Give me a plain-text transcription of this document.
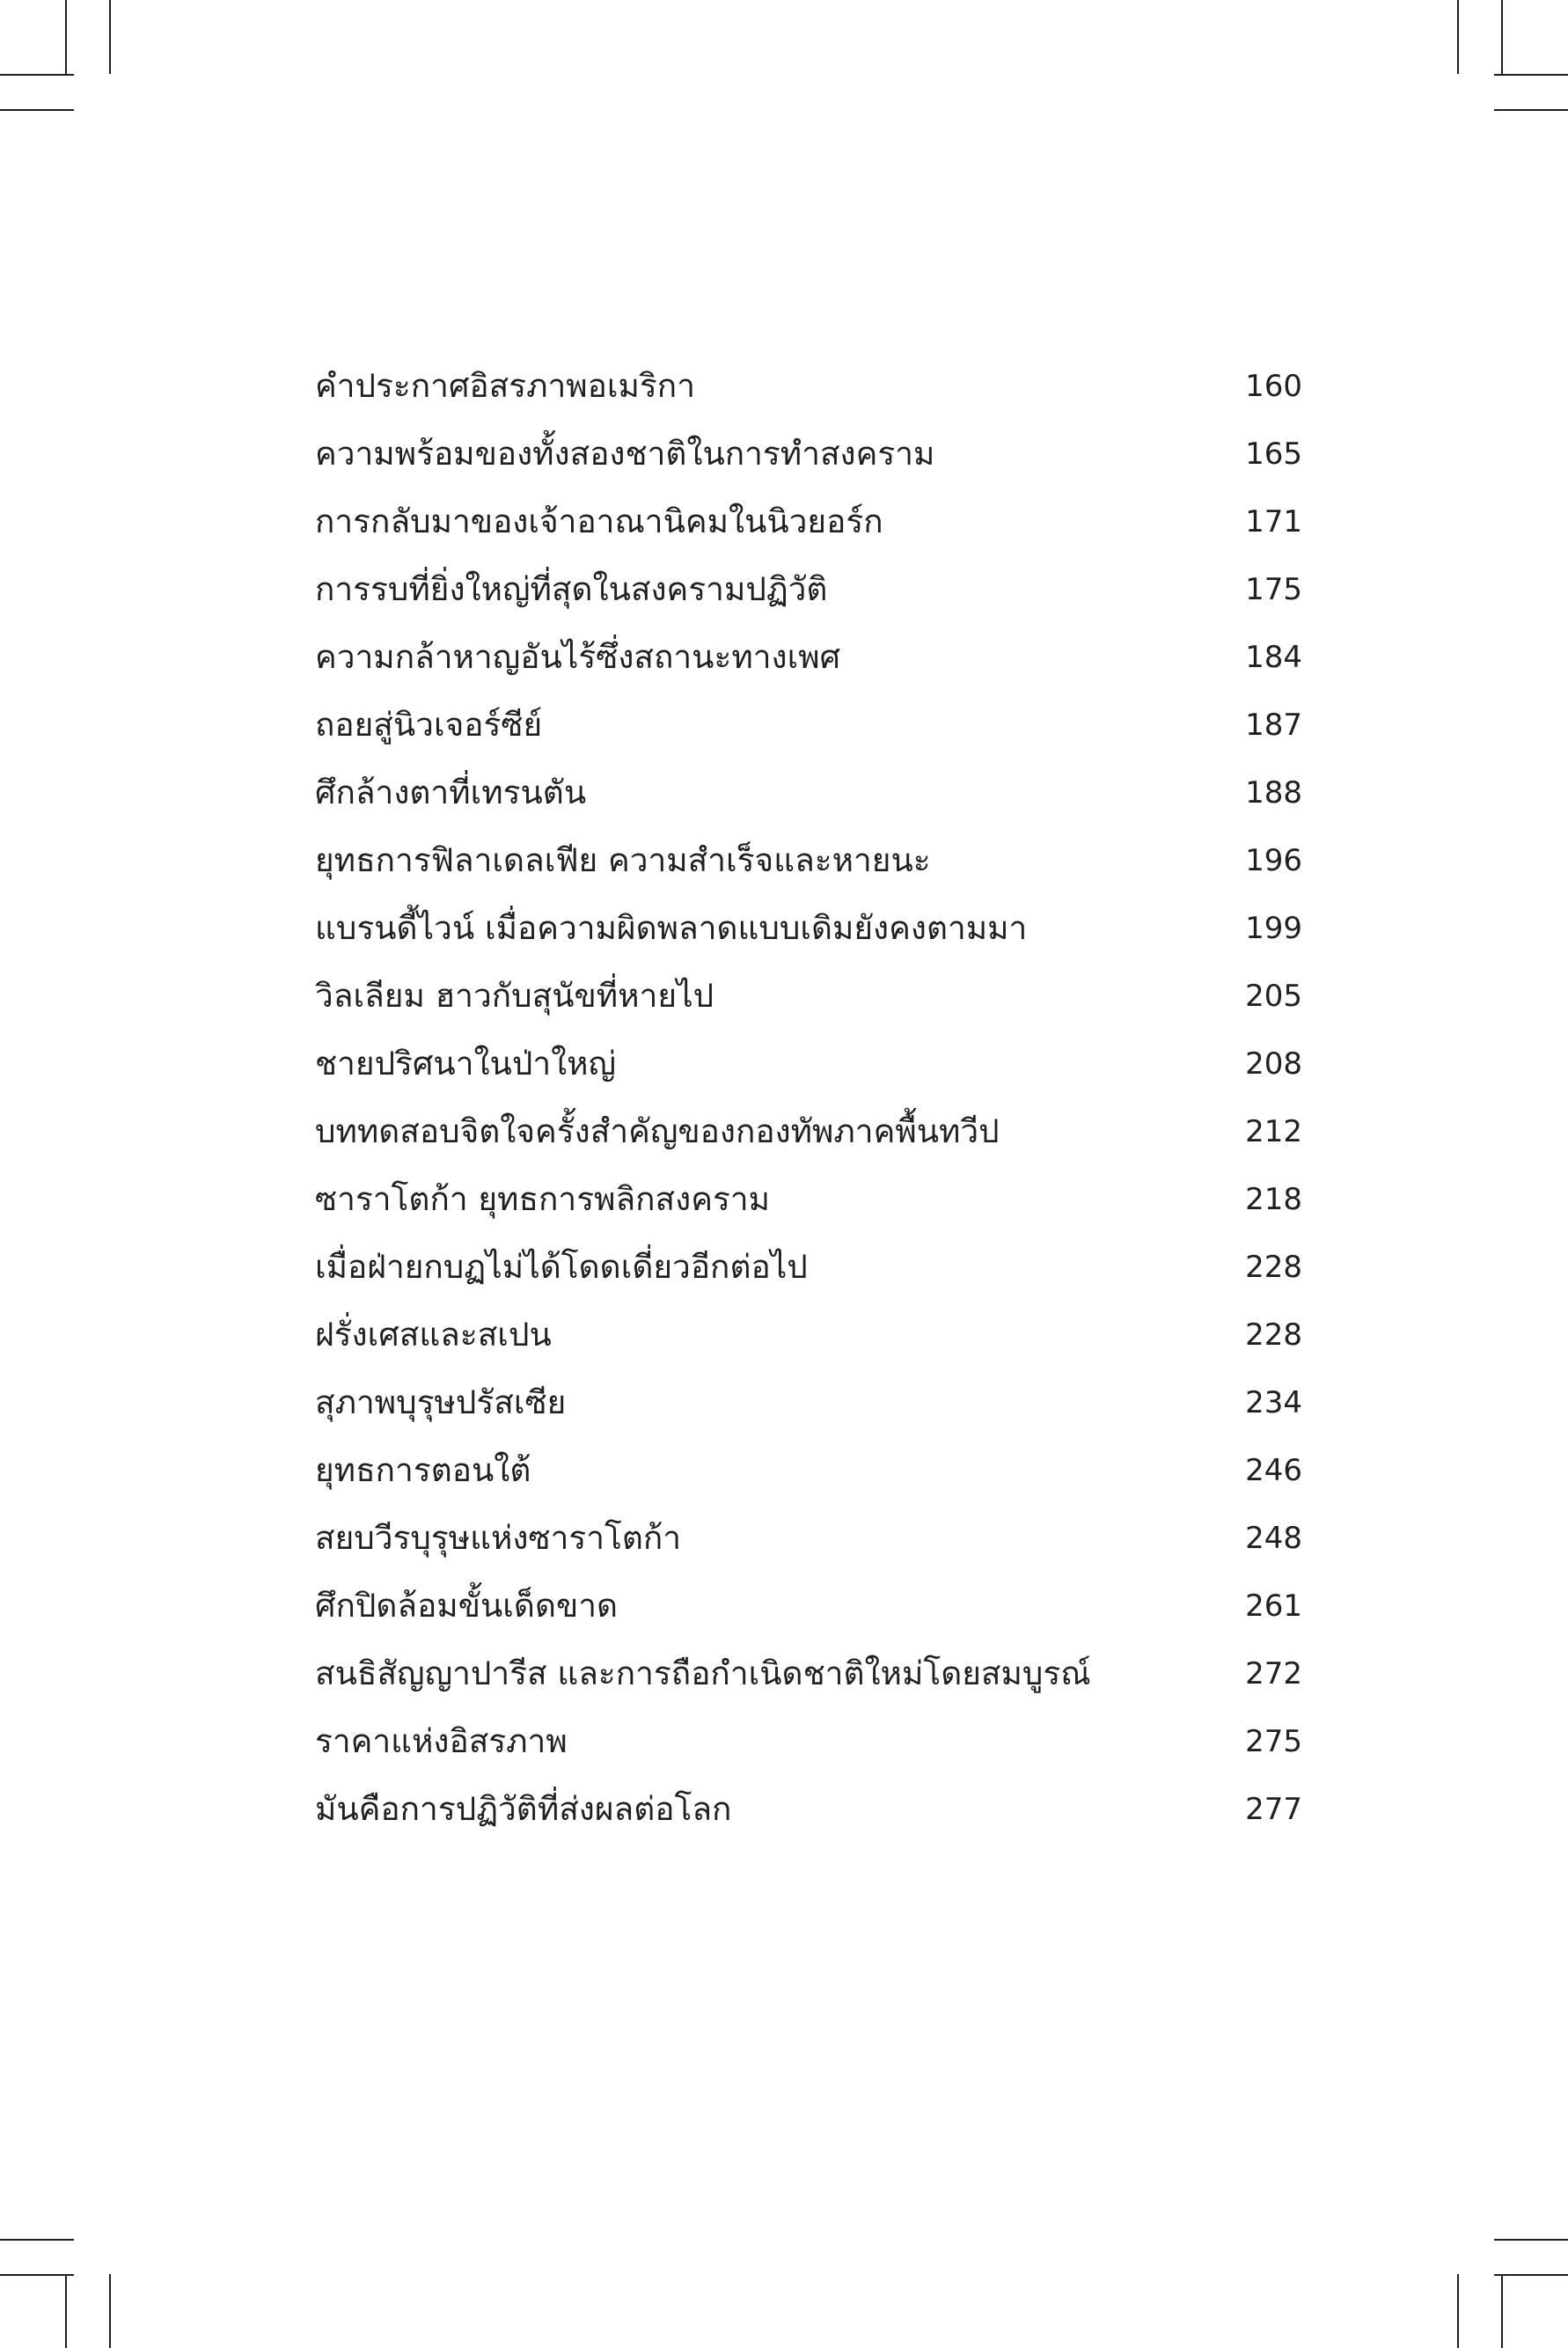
คําประกาศอิสรภาพอเมริกา	160
ความพร้อมของทั้งสองชาติในการทําสงคราม	165
การกลับมาของเจ้าอาณานิคมในนิวยอร์ก	171
การรบที่ยิ่งใหญ่ที่สุดในสงครามปฏิวัติ	175
ความกล้าหาญอันไร้ซึ่งสถานะทางเพศ	184
ถอยสู่นิวเจอร์ซีย์	187
ศึกล้างตาที่เทรนตัน	188
ยุทธการฟิลาเดลเฟีย ความสําเร็จและหายนะ	196
แบรนดี้ไวน์ เมื่อความผิดพลาดแบบเดิมยังคงตามมา	199
วิลเลียม ฮาวกับสุนัขที่หายไป	205
ชายปริศนาในป่าใหญ่	208
บททดสอบจิตใจครั้งสําคัญของกองทัพภาคพื้นทวีป	212
ซาราโตก้า ยุทธการพลิกสงคราม	218
เมื่อฝ่ายกบฏไม่ได้โดดเดี่ยวอีกต่อไป	228
ฝรั่งเศสและสเปน	228
สุภาพบุรุษปรัสเซีย	234
ยุทธการตอนใต้	246
สยบวีรบุรุษแห่งซาราโตก้า	248
ศึกปิดล้อมขั้นเด็ดขาด	261
สนธิสัญญาปารีส และการถือกําเนิดชาติใหม่โดยสมบูรณ์	272
ราคาแห่งอิสรภาพ	275
มันคือการปฏิวัติที่ส่งผลต่อโลก	277
